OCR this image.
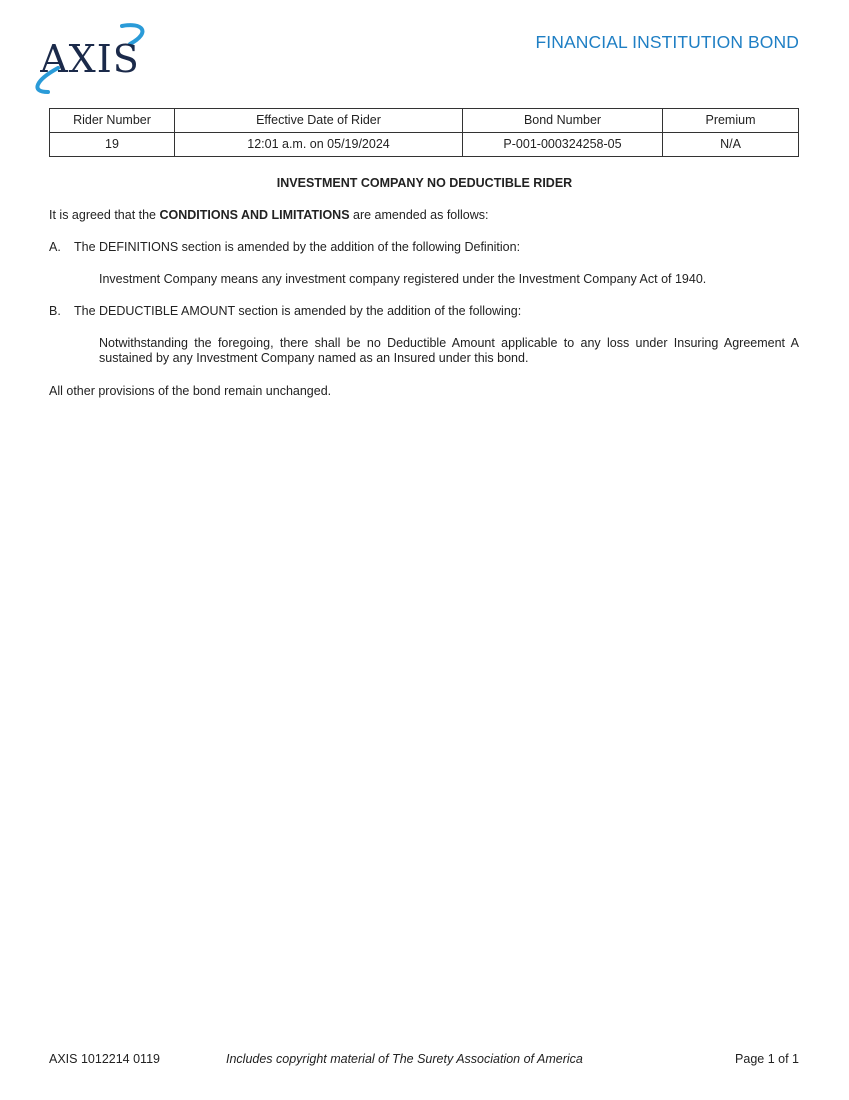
AXIS	FINANCIAL INSTITUTION BOND
Rider Number	Effective Date of Rider	Bond Number	Premium
19	12:01 a.m. on 05/19/2024	P-001-000324258-05	N/A
INVESTMENT COMPANY NO DEDUCTIBLE RIDER
It is agreed that the CONDITIONS AND LIMITATIONS are amended as follows:
A. The DEFINITIONS section is amended by the addition of the following Definition:
Investment Company means any investment company registered under the Investment Company Act of 1940.
B. The DEDUCTIBLE AMOUNT section is amended by the addition of the following:
Notwithstanding the foregoing, there shall be no Deductible Amount applicable to any loss under Insuring Agreement A sustained by any Investment Company named as an Insured under this bond.
All other provisions of the bond remain unchanged.
AXIS 1012214 0119	Includes copyright material of The Surety Association of America	Page 1 of 1
